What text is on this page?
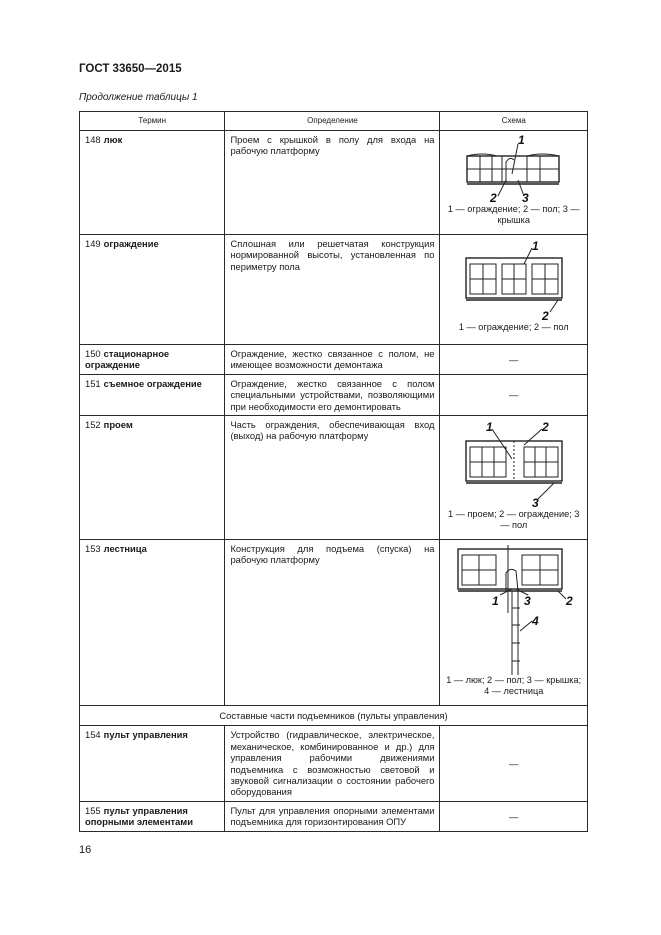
ГОСТ 33650—2015
Продолжение таблицы 1
Термин	Определение	Схема
148 люк	Проем с крышкой в полу для входа на рабочую платформу	1
2 3
1 — ограждение; 2 — пол; 3 — крышка

149 ограждение	Сплошная или решетчатая конструкция нормированной высоты, установленная по периметру пола	1
2
1 — ограждение; 2 — пол

150 стационарное ограждение	Ограждение, жестко связанное с полом, не имеющее возможности демонтажа	—
151 съемное ограждение	Ограждение, жестко связанное с полом специальными устройствами, позволяющими при необходимости его демонтировать	—
152 проем	Часть ограждения, обеспечивающая вход (выход) на рабочую платформу	1 2
3
1 — проем; 2 — ограждение; 3 — пол

153 лестница	Конструкция для подъема (спуска) на рабочую платформу	1 2
3
4
1 — люк; 2 — пол; 3 — крышка; 4 — лестница

Составные части подъемников (пульты управления)		
154 пульт управления	Устройство (гидравлическое, электрическое, механическое, комбинированное и др.) для управления рабочими движениями подъемника с возможностью световой и звуковой сигнализации о состоянии рабочего оборудования	—
155 пульт управления опорными элементами	Пульт для управления опорными элементами подъемника для горизонтирования ОПУ	—
16
